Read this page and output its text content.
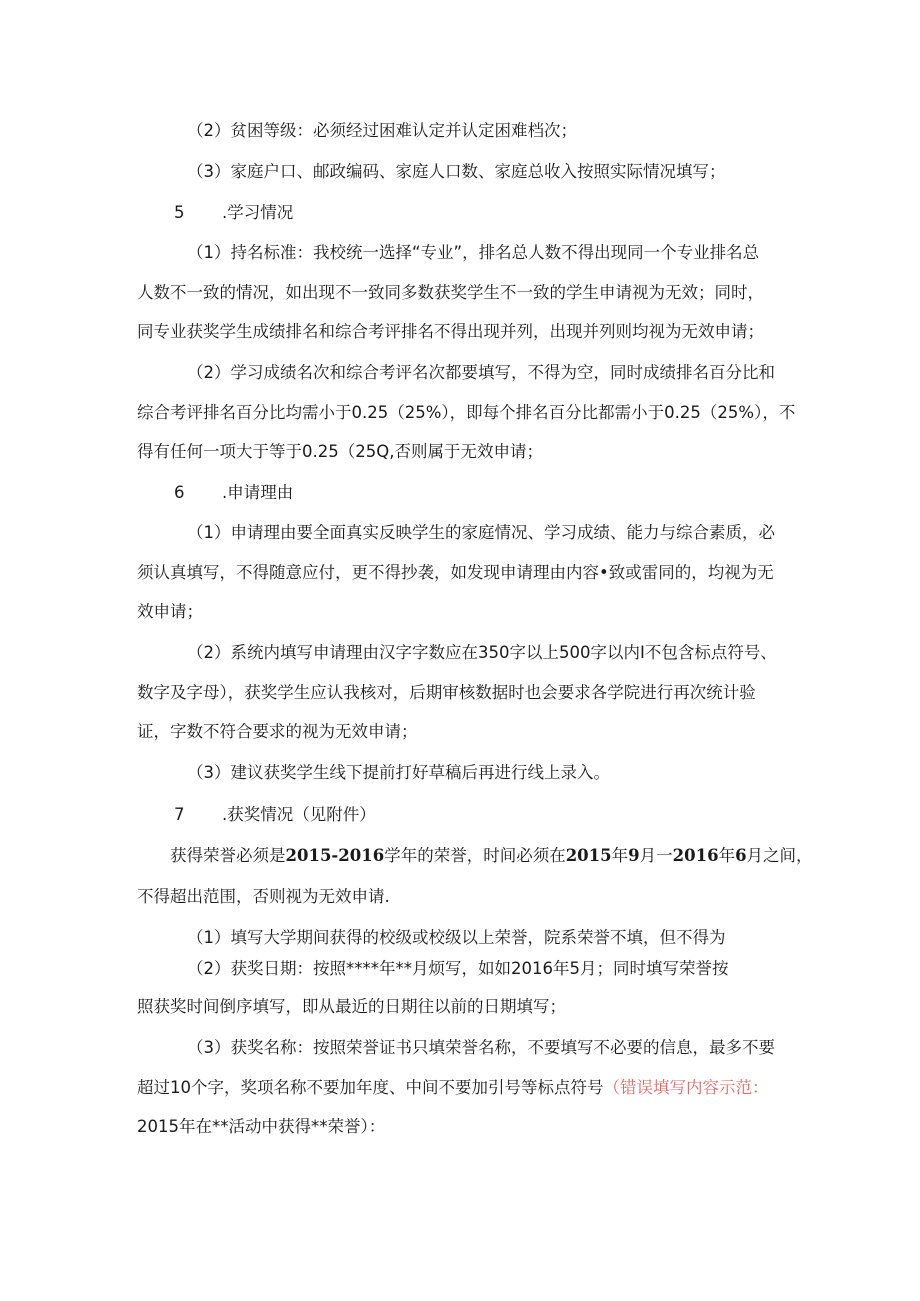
（2）贫困等级：必须经过困难认定并认定困难档次；
（3）家庭户口、邮政编码、家庭人口数、家庭总收入按照实际情况填写；
5 .学习情况
（1）持名标准：我校统一选择“专业”，排名总人数不得出现同一个专业排名总
人数不一致的情况，如出现不一致同多数获奖学生不一致的学生申请视为无效；同时，
同专业获奖学生成绩排名和综合考评排名不得出现并列，出现并列则均视为无效申请；
（2）学习成绩名次和综合考评名次都要填写，不得为空，同时成绩排名百分比和
综合考评排名百分比均需小于0.25（25%），即每个排名百分比都需小于0.25（25%），不
得有任何一项大于等于0.25（25Q,否则属于无效申请；
6 .申请理由
（1）申请理由要全面真实反映学生的家庭情况、学习成绩、能力与综合素质，必
须认真填写，不得随意应付，更不得抄袭，如发现申请理由内容•致或雷同的，均视为无
效申请；
（2）系统内填写申请理由汉字字数应在350字以上500字以内I不包含标点符号、
数字及字母），获奖学生应认我核对，后期审核数据时也会要求各学院进行再次统计验
证，字数不符合要求的视为无效申请；
（3）建议获奖学生线下提前打好草稿后再进行线上录入。
7 .获奖情况（见附件）
获得荣誉必须是2015-2016学年的荣誉，时间必须在2015年9月一2016年6月之间，
不得超出范围，否则视为无效申请.
（1）填写大学期间获得的校级或校级以上荣誉，院系荣誉不填，但不得为
（2）获奖日期：按照****年**月烦写，如如2016年5月；同时填写荣誉按
照获奖时间倒序填写，即从最近的日期往以前的日期填写；
（3）获奖名称：按照荣誉证书只填荣誉名称，不要填写不必要的信息，最多不要
超过10个字，奖项名称不要加年度、中间不要加引号等标点符号（错误填写内容示范：
2015年在**活动中获得**荣誉）：
